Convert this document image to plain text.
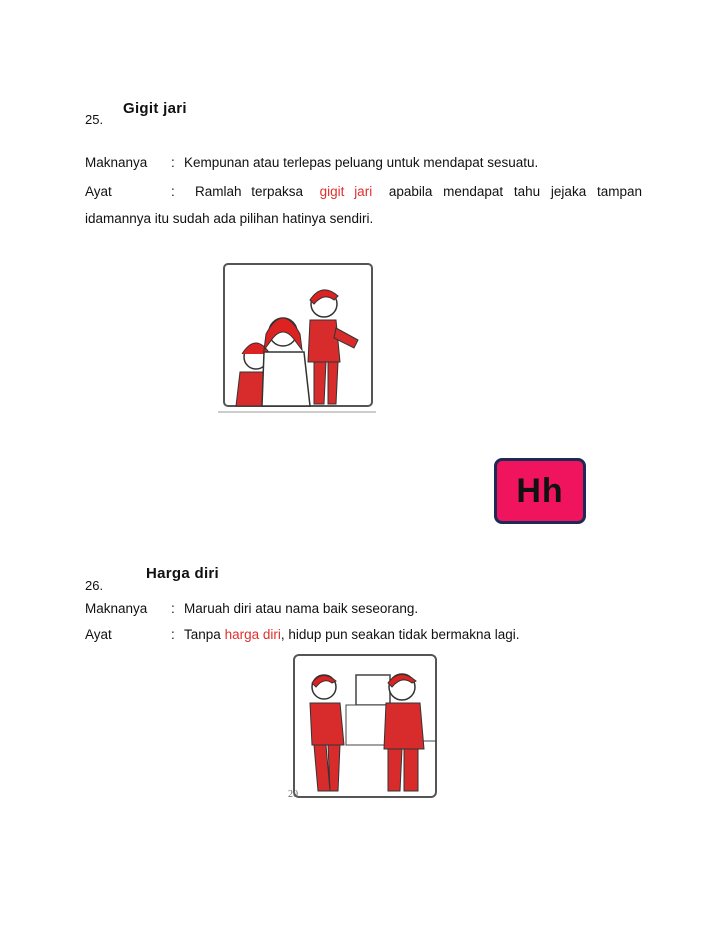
25.
Gigit jari
Maknanya : Kempunan atau terlepas peluang untuk mendapat sesuatu.
Ayat	: Ramlah terpaksa gigit jari apabila mendapat tahu jejaka tampan
idamannya itu sudah ada pilihan hatinya sendiri.
Hh
26.
Harga diri
Maknanya : Maruah diri atau nama baik seseorang.
Ayat	: Tanpa harga diri, hidup pun seakan tidak bermakna lagi.
20
